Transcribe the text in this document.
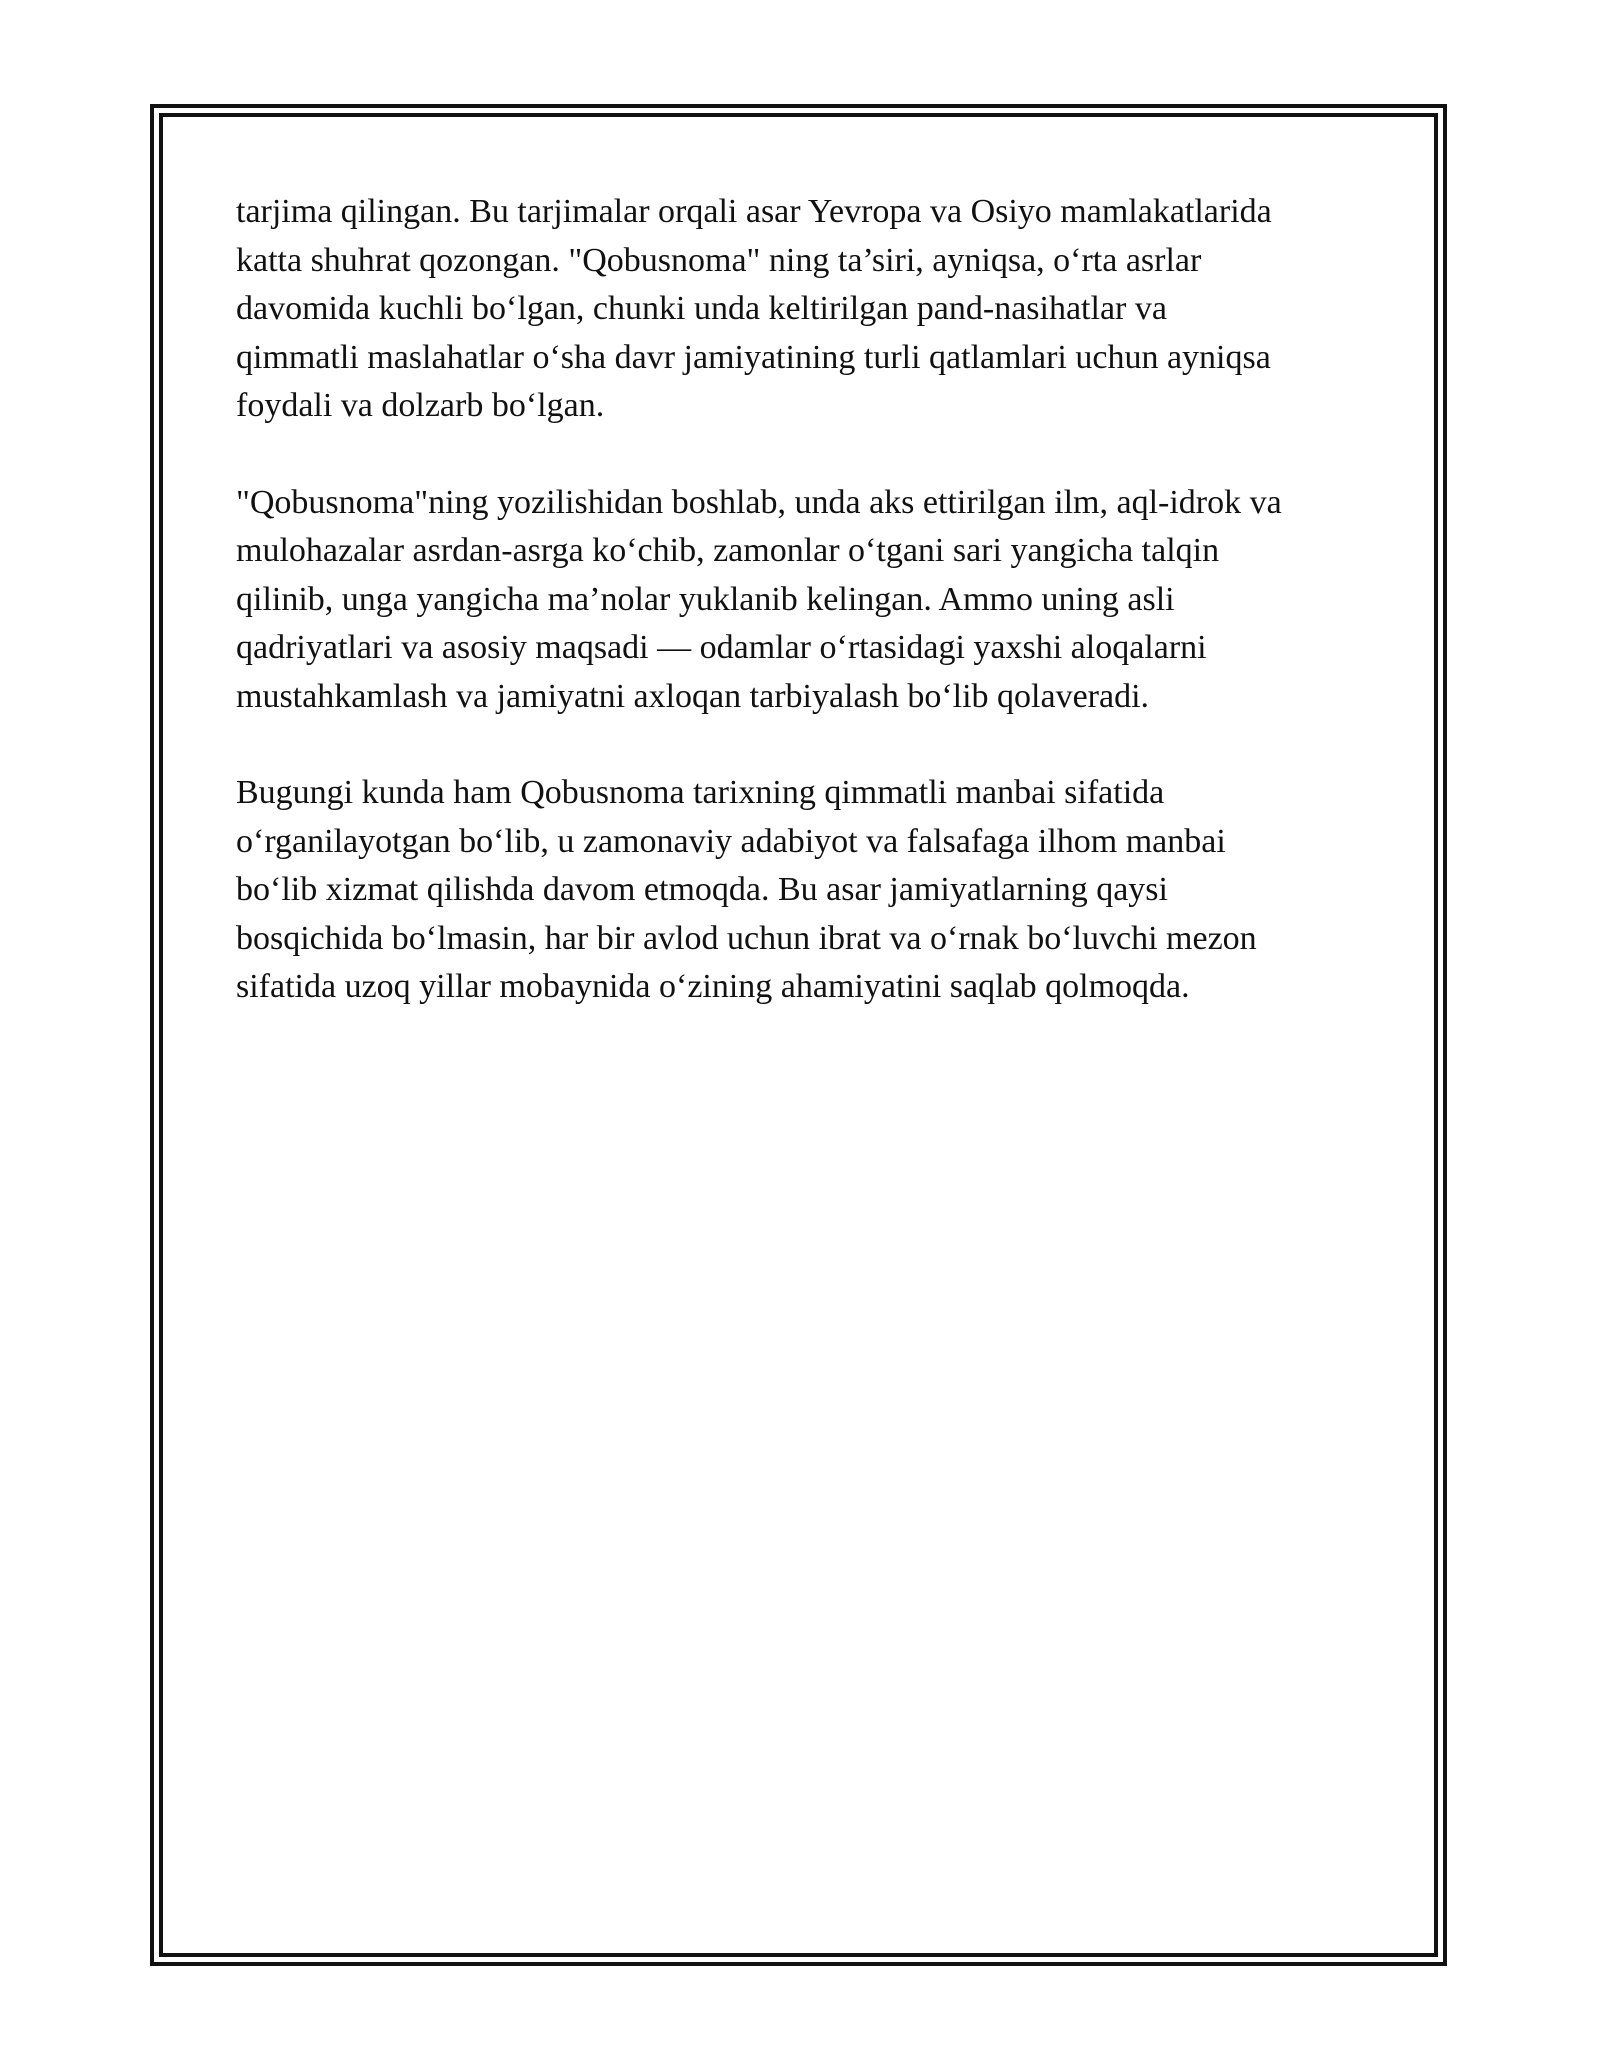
tarjima qilingan. Bu tarjimalar orqali asar Yevropa va Osiyo mamlakatlarida
katta shuhrat qozongan. "Qobusnoma" ning ta’siri, ayniqsa, o‘rta asrlar
davomida kuchli bo‘lgan, chunki unda keltirilgan pand-nasihatlar va
qimmatli maslahatlar o‘sha davr jamiyatining turli qatlamlari uchun ayniqsa
foydali va dolzarb bo‘lgan.

"Qobusnoma"ning yozilishidan boshlab, unda aks ettirilgan ilm, aql-idrok va
mulohazalar asrdan-asrga ko‘chib, zamonlar o‘tgani sari yangicha talqin
qilinib, unga yangicha ma’nolar yuklanib kelingan. Ammo uning asli
qadriyatlari va asosiy maqsadi — odamlar o‘rtasidagi yaxshi aloqalarni
mustahkamlash va jamiyatni axloqan tarbiyalash bo‘lib qolaveradi.

Bugungi kunda ham Qobusnoma tarixning qimmatli manbai sifatida
o‘rganilayotgan bo‘lib, u zamonaviy adabiyot va falsafaga ilhom manbai
bo‘lib xizmat qilishda davom etmoqda. Bu asar jamiyatlarning qaysi
bosqichida bo‘lmasin, har bir avlod uchun ibrat va o‘rnak bo‘luvchi mezon
sifatida uzoq yillar mobaynida o‘zining ahamiyatini saqlab qolmoqda.
